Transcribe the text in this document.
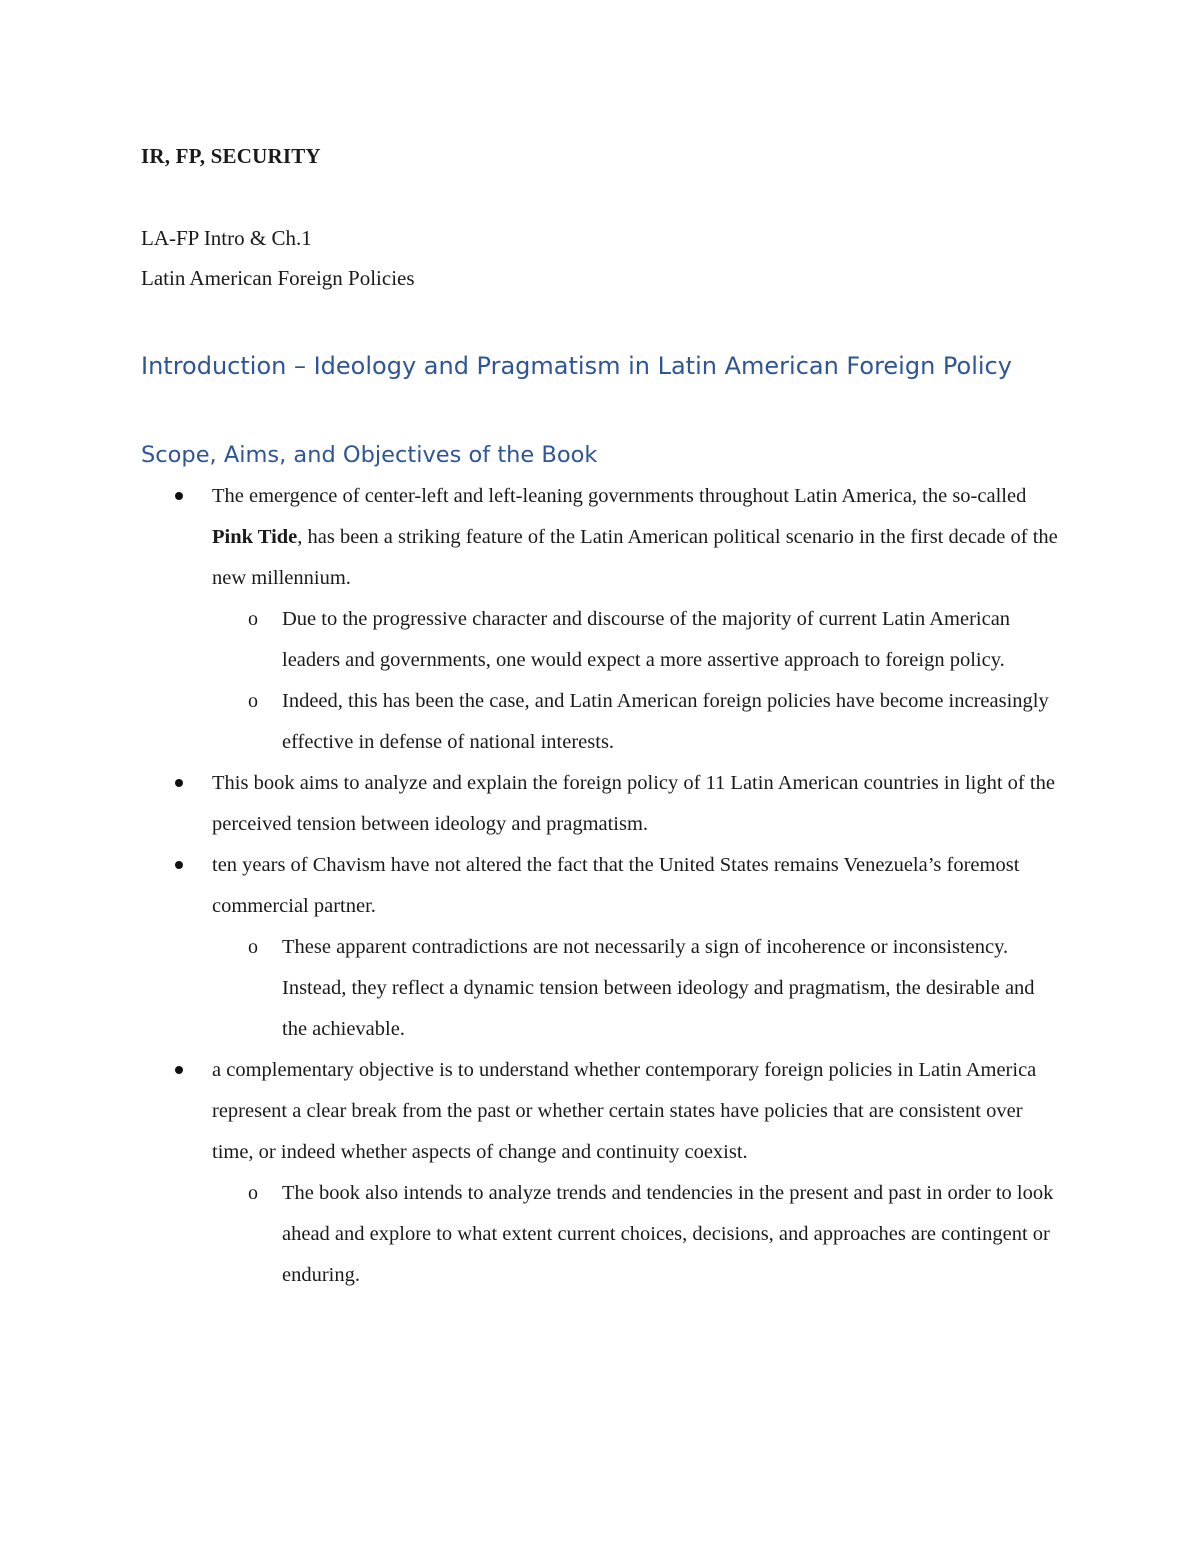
IR, FP, SECURITY
LA-FP Intro & Ch.1
Latin American Foreign Policies
Introduction – Ideology and Pragmatism in Latin American Foreign Policy
Scope, Aims, and Objectives of the Book
The emergence of center-left and left-leaning governments throughout Latin America, the so-called Pink Tide, has been a striking feature of the Latin American political scenario in the first decade of the new millennium.
o Due to the progressive character and discourse of the majority of current Latin American leaders and governments, one would expect a more assertive approach to foreign policy.
o Indeed, this has been the case, and Latin American foreign policies have become increasingly effective in defense of national interests.
This book aims to analyze and explain the foreign policy of 11 Latin American countries in light of the perceived tension between ideology and pragmatism.
ten years of Chavism have not altered the fact that the United States remains Venezuela’s foremost commercial partner.
o These apparent contradictions are not necessarily a sign of incoherence or inconsistency. Instead, they reflect a dynamic tension between ideology and pragmatism, the desirable and the achievable.
a complementary objective is to understand whether contemporary foreign policies in Latin America represent a clear break from the past or whether certain states have policies that are consistent over time, or indeed whether aspects of change and continuity coexist.
o The book also intends to analyze trends and tendencies in the present and past in order to look ahead and explore to what extent current choices, decisions, and approaches are contingent or enduring.
